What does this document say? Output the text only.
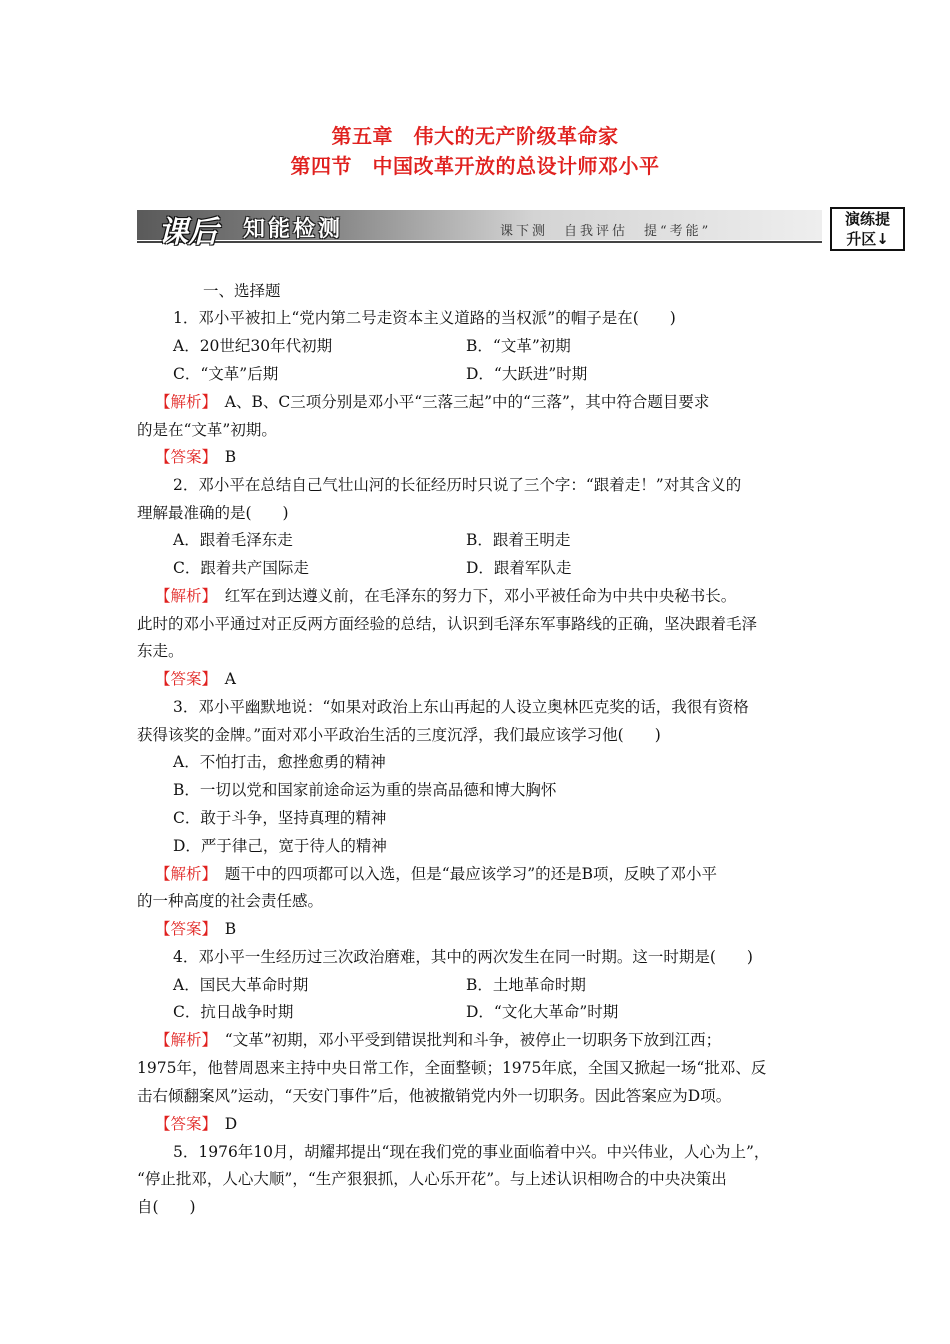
第五章　伟大的无产阶级革命家
第四节　中国改革开放的总设计师邓小平
课后 知能检测	课下测　自我评估　提“考能”
演练提
升区↓
一、选择题
1．邓小平被扣上“党内第二号走资本主义道路的当权派”的帽子是在(　　)
A．20世纪30年代初期	B．“文革”初期
C．“文革”后期	D．“大跃进”时期
【解析】　A、B、C三项分别是邓小平“三落三起”中的“三落”，其中符合题目要求
的是在“文革”初期。
【答案】　B
2．邓小平在总结自己气壮山河的长征经历时只说了三个字：“跟着走！”对其含义的
理解最准确的是(　　)
A．跟着毛泽东走	B．跟着王明走
C．跟着共产国际走	D．跟着军队走
【解析】　红军在到达遵义前，在毛泽东的努力下，邓小平被任命为中共中央秘书长。
此时的邓小平通过对正反两方面经验的总结，认识到毛泽东军事路线的正确，坚决跟着毛泽
东走。
【答案】　A
3．邓小平幽默地说：“如果对政治上东山再起的人设立奥林匹克奖的话，我很有资格
获得该奖的金牌。”面对邓小平政治生活的三度沉浮，我们最应该学习他(　　)
A．不怕打击，愈挫愈勇的精神
B．一切以党和国家前途命运为重的崇高品德和博大胸怀
C．敢于斗争，坚持真理的精神
D．严于律己，宽于待人的精神
【解析】　题干中的四项都可以入选，但是“最应该学习”的还是B项，反映了邓小平
的一种高度的社会责任感。
【答案】　B
4．邓小平一生经历过三次政治磨难，其中的两次发生在同一时期。这一时期是(　　)
A．国民大革命时期	B．土地革命时期
C．抗日战争时期	D．“文化大革命”时期
【解析】　“文革”初期，邓小平受到错误批判和斗争，被停止一切职务下放到江西；
1975年，他替周恩来主持中央日常工作，全面整顿；1975年底，全国又掀起一场“批邓、反
击右倾翻案风”运动，“天安门事件”后，他被撤销党内外一切职务。因此答案应为D项。
【答案】　D
5．1976年10月，胡耀邦提出“现在我们党的事业面临着中兴。中兴伟业，人心为上”，
“停止批邓，人心大顺”，“生产狠狠抓，人心乐开花”。与上述认识相吻合的中央决策出
自(　　)
